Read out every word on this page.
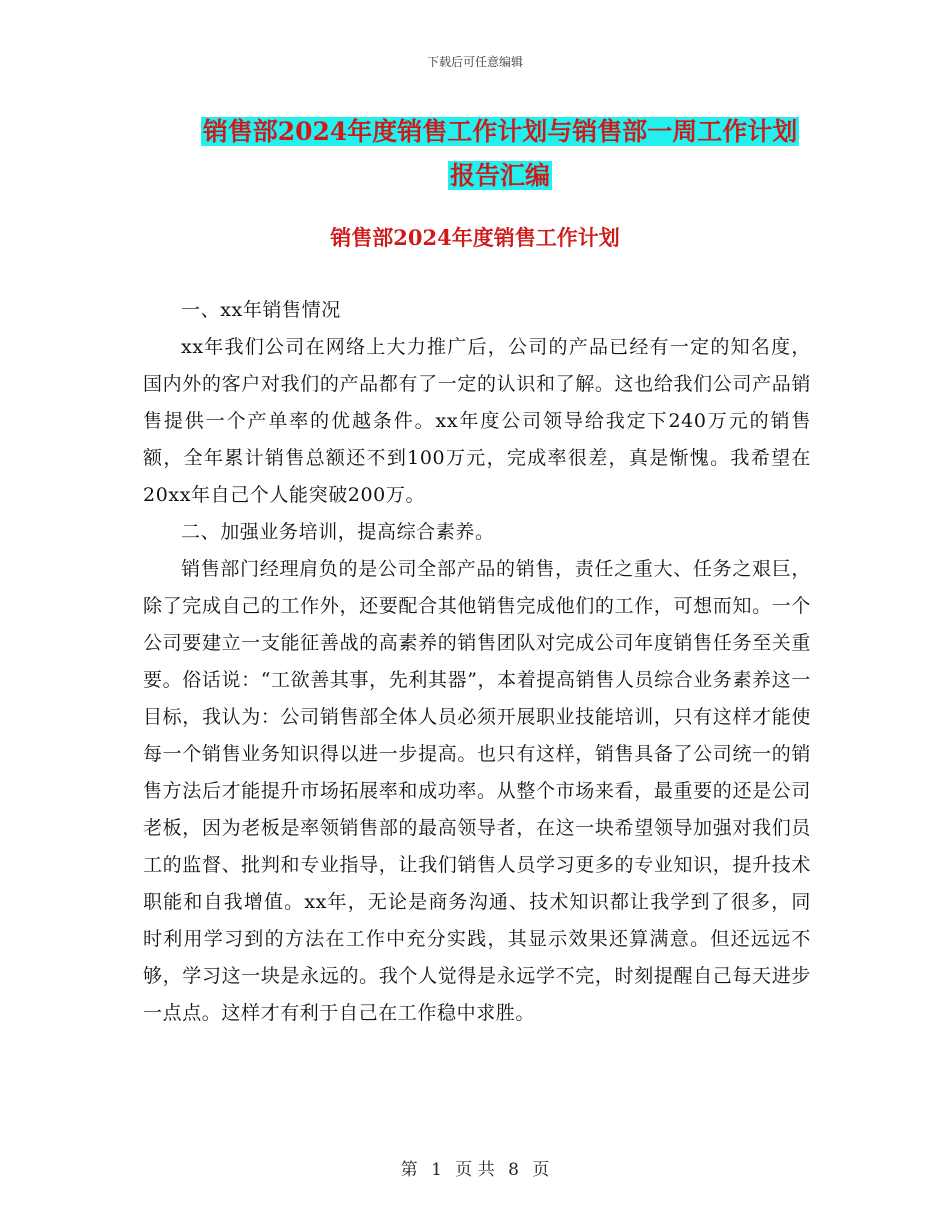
下载后可任意编辑
销售部2024年度销售工作计划与销售部一周工作计划
报告汇编
销售部2024年度销售工作计划

一、xx年销售情况

xx年我们公司在网络上大力推广后，公司的产品已经有一定的知名度，国内外的客户对我们的产品都有了一定的认识和了解。这也给我们公司产品销售提供一个产单率的优越条件。xx年度公司领导给我定下240万元的销售额，全年累计销售总额还不到100万元，完成率很差，真是惭愧。我希望在20xx年自己个人能突破200万。

二、加强业务培训，提高综合素养。

销售部门经理肩负的是公司全部产品的销售，责任之重大、任务之艰巨，除了完成自己的工作外，还要配合其他销售完成他们的工作，可想而知。一个公司要建立一支能征善战的高素养的销售团队对完成公司年度销售任务至关重要。俗话说：“工欲善其事，先利其器”，本着提高销售人员综合业务素养这一目标，我认为：公司销售部全体人员必须开展职业技能培训，只有这样才能使每一个销售业务知识得以进一步提高。也只有这样，销售具备了公司统一的销售方法后才能提升市场拓展率和成功率。从整个市场来看，最重要的还是公司老板，因为老板是率领销售部的最高领导者，在这一块希望领导加强对我们员工的监督、批判和专业指导，让我们销售人员学习更多的专业知识，提升技术职能和自我增值。xx年，无论是商务沟通、技术知识都让我学到了很多，同时利用学习到的方法在工作中充分实践，其显示效果还算满意。但还远远不够，学习这一块是永远的。我个人觉得是永远学不完，时刻提醒自己每天进步一点点。这样才有利于自己在工作稳中求胜。

第 1 页 共 8 页
